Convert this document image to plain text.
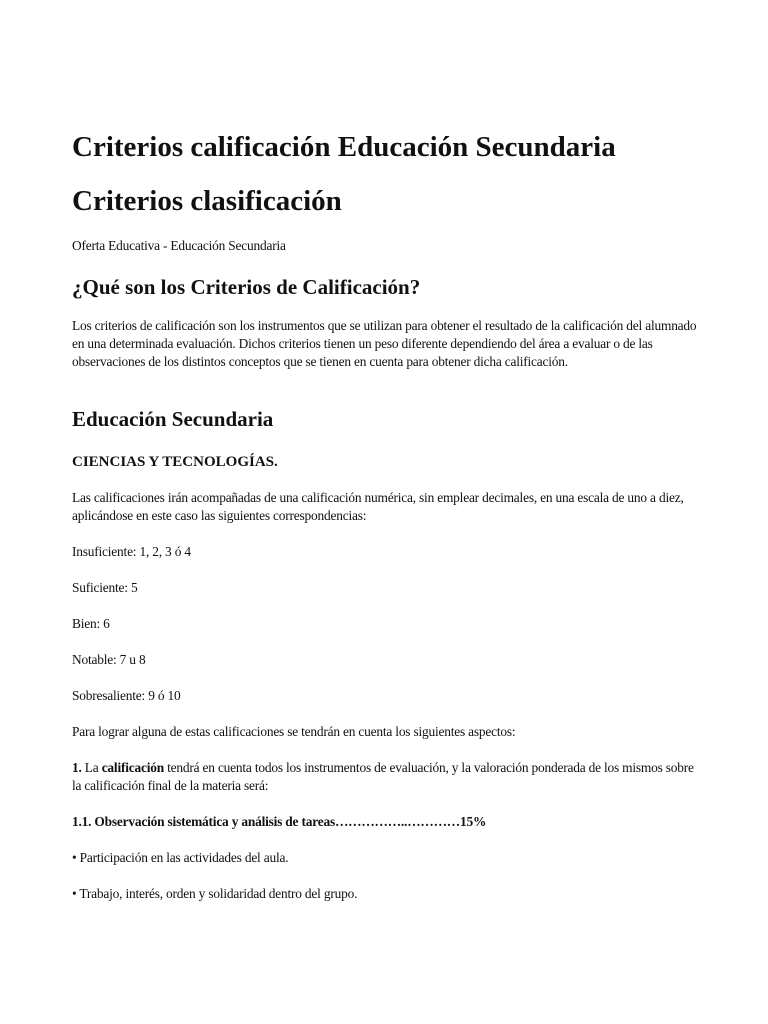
Criterios calificación Educación Secundaria
Criterios clasificación

Oferta Educativa - Educación Secundaria

¿Qué son los Criterios de Calificación?

Los criterios de calificación son los instrumentos que se utilizan para obtener el resultado de la calificación del alumnado en una determinada evaluación. Dichos criterios tienen un peso diferente dependiendo del área a evaluar o de las observaciones de los distintos conceptos que se tienen en cuenta para obtener dicha calificación.

Educación Secundaria
CIENCIAS Y TECNOLOGÍAS.

Las calificaciones irán acompañadas de una calificación numérica, sin emplear decimales, en una escala de uno a diez, aplicándose en este caso las siguientes correspondencias:

Insuficiente: 1, 2, 3 ó 4

Suficiente: 5

Bien: 6

Notable: 7 u 8

Sobresaliente: 9 ó 10

Para lograr alguna de estas calificaciones se tendrán en cuenta los siguientes aspectos:

1. La calificación tendrá en cuenta todos los instrumentos de evaluación, y la valoración ponderada de los mismos sobre la calificación final de la materia será:

1.1. Observación sistemática y análisis de tareas……………..…………15%

• Participación en las actividades del aula.

• Trabajo, interés, orden y solidaridad dentro del grupo.
